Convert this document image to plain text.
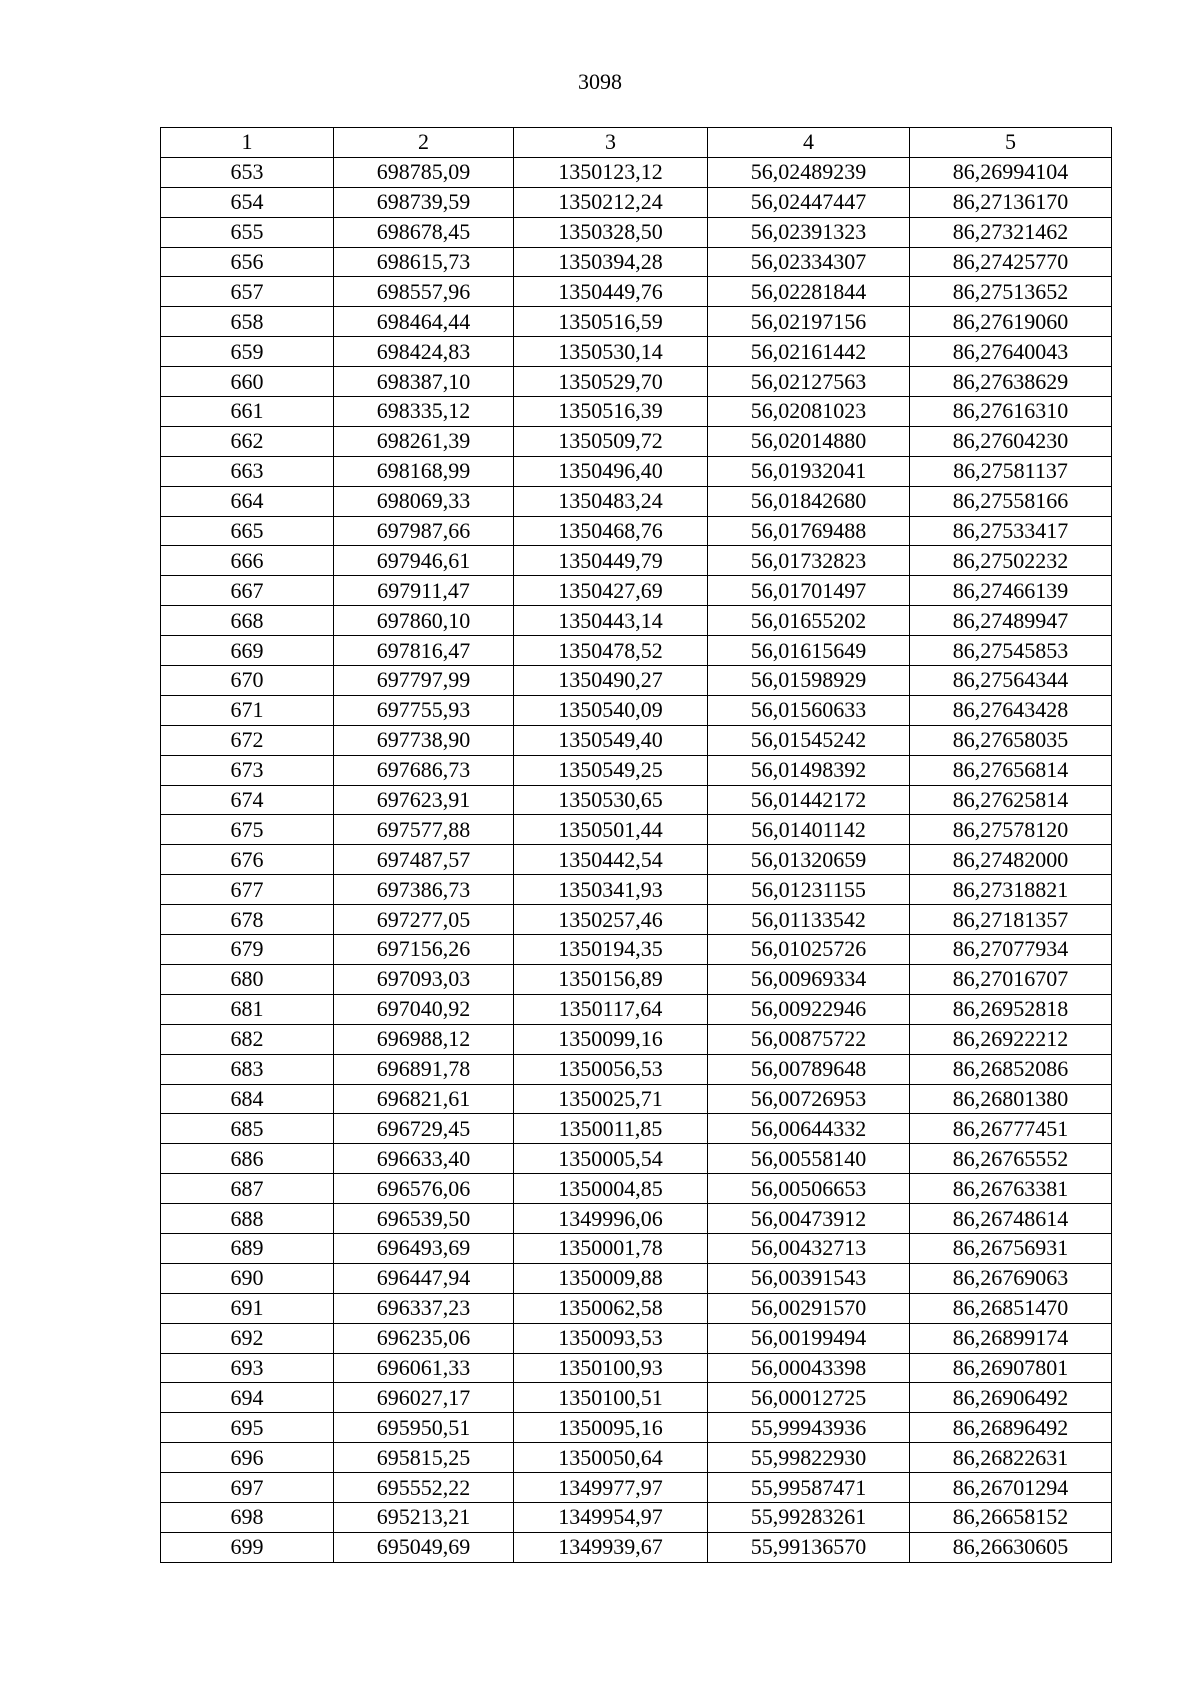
3098
1	2	3	4	5
653	698785,09	1350123,12	56,02489239	86,26994104
654	698739,59	1350212,24	56,02447447	86,27136170
655	698678,45	1350328,50	56,02391323	86,27321462
656	698615,73	1350394,28	56,02334307	86,27425770
657	698557,96	1350449,76	56,02281844	86,27513652
658	698464,44	1350516,59	56,02197156	86,27619060
659	698424,83	1350530,14	56,02161442	86,27640043
660	698387,10	1350529,70	56,02127563	86,27638629
661	698335,12	1350516,39	56,02081023	86,27616310
662	698261,39	1350509,72	56,02014880	86,27604230
663	698168,99	1350496,40	56,01932041	86,27581137
664	698069,33	1350483,24	56,01842680	86,27558166
665	697987,66	1350468,76	56,01769488	86,27533417
666	697946,61	1350449,79	56,01732823	86,27502232
667	697911,47	1350427,69	56,01701497	86,27466139
668	697860,10	1350443,14	56,01655202	86,27489947
669	697816,47	1350478,52	56,01615649	86,27545853
670	697797,99	1350490,27	56,01598929	86,27564344
671	697755,93	1350540,09	56,01560633	86,27643428
672	697738,90	1350549,40	56,01545242	86,27658035
673	697686,73	1350549,25	56,01498392	86,27656814
674	697623,91	1350530,65	56,01442172	86,27625814
675	697577,88	1350501,44	56,01401142	86,27578120
676	697487,57	1350442,54	56,01320659	86,27482000
677	697386,73	1350341,93	56,01231155	86,27318821
678	697277,05	1350257,46	56,01133542	86,27181357
679	697156,26	1350194,35	56,01025726	86,27077934
680	697093,03	1350156,89	56,00969334	86,27016707
681	697040,92	1350117,64	56,00922946	86,26952818
682	696988,12	1350099,16	56,00875722	86,26922212
683	696891,78	1350056,53	56,00789648	86,26852086
684	696821,61	1350025,71	56,00726953	86,26801380
685	696729,45	1350011,85	56,00644332	86,26777451
686	696633,40	1350005,54	56,00558140	86,26765552
687	696576,06	1350004,85	56,00506653	86,26763381
688	696539,50	1349996,06	56,00473912	86,26748614
689	696493,69	1350001,78	56,00432713	86,26756931
690	696447,94	1350009,88	56,00391543	86,26769063
691	696337,23	1350062,58	56,00291570	86,26851470
692	696235,06	1350093,53	56,00199494	86,26899174
693	696061,33	1350100,93	56,00043398	86,26907801
694	696027,17	1350100,51	56,00012725	86,26906492
695	695950,51	1350095,16	55,99943936	86,26896492
696	695815,25	1350050,64	55,99822930	86,26822631
697	695552,22	1349977,97	55,99587471	86,26701294
698	695213,21	1349954,97	55,99283261	86,26658152
699	695049,69	1349939,67	55,99136570	86,26630605
